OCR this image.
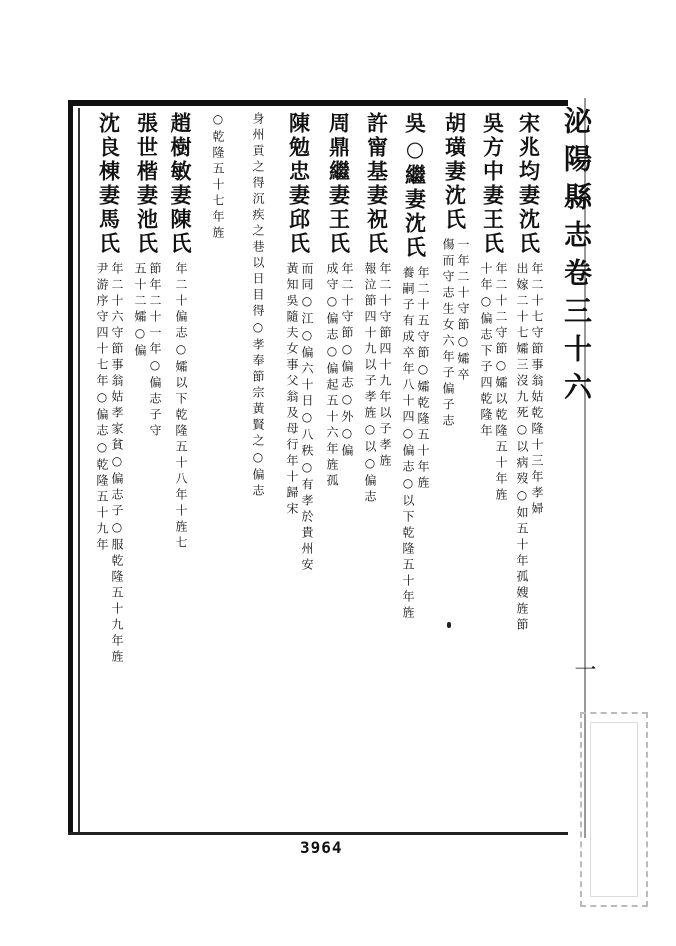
泌陽縣志卷三十六
一
宋兆均妻沈氏
年二十七守節事翁姑乾隆十三年孝婦
出嫁二十七孀三沒九死○以病歿○如五十年孤嫂旌節
吳方中妻王氏
年二十二守節○孀以乾隆五十年旌
十年○偏志下子四乾隆年
胡璜妻沈氏
一年二十守節○孀卒
傷而守志生女六年子偏子志
吳○繼妻沈氏
年二十五守節○孀乾隆五十年旌
養嗣子有成卒年八十四○偏志○以下乾隆五十年旌
許甯基妻祝氏
年二十守節四十九年以子孝旌
報泣節四十九以子孝旌○以○偏志
周鼎繼妻王氏
年二十守節○偏志○外○偏
成守○偏志○偏起五十六年旌孤
陳勉忠妻邱氏
而同○江○偏六十日○八秩○有孝於貴州安
黃知吳隨夫女事父翁及母行年十歸宋
身州
貢之得沉疾之巷以日目得○孝奉節宗黃賢之○偏志
○乾隆五
十七年旌
趙樹敏妻陳氏
年二十偏志○孀以下乾隆五十八年十旌七
張世楷妻池氏
節年二十一年○偏志子守
五十二孀○偏
沈良棟妻馬氏
年二十六守節事翁姑孝家貧○偏志子○服乾隆五十九年旌
尹游序守四十七年○偏志○乾隆五十九年
3964
